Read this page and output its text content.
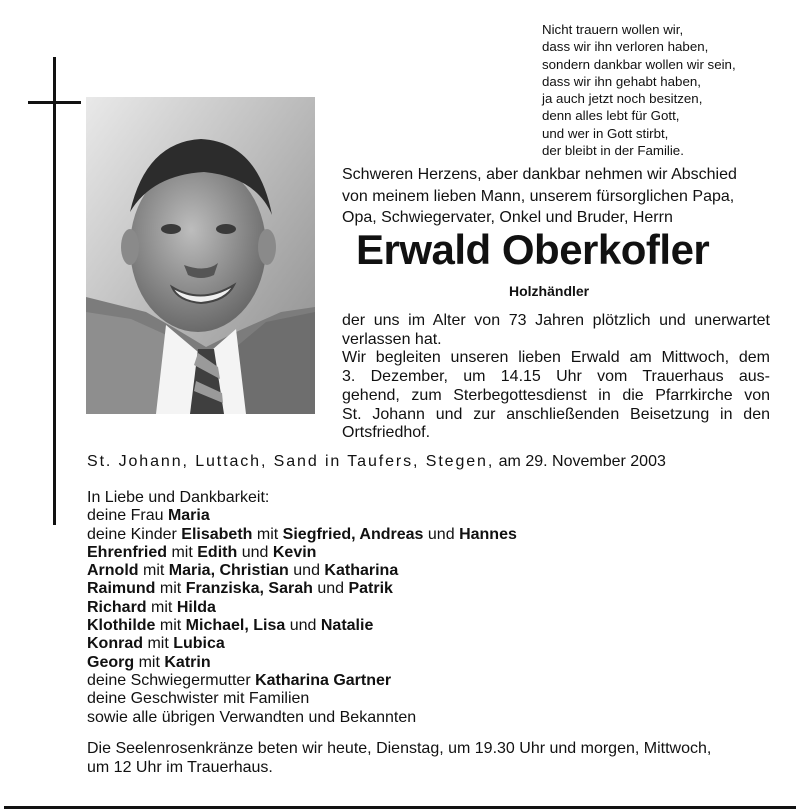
Nicht trauern wollen wir,
dass wir ihn verloren haben,
sondern dankbar wollen wir sein,
dass wir ihn gehabt haben,
ja auch jetzt noch besitzen,
denn alles lebt für Gott,
und wer in Gott stirbt,
der bleibt in der Familie.
Schweren Herzens, aber dankbar nehmen wir Abschied
von meinem lieben Mann, unserem fürsorglichen Papa,
Opa, Schwiegervater, Onkel und Bruder, Herrn
Erwald Oberkofler
Holzhändler
der uns im Alter von 73 Jahren plötzlich und unerwartet
verlassen hat.
Wir begleiten unseren lieben Erwald am Mittwoch, dem
3. Dezember, um 14.15 Uhr vom Trauerhaus aus-
gehend, zum Sterbegottesdienst in die Pfarrkirche von
St. Johann und zur anschließenden Beisetzung in den
Ortsfriedhof.
St. Johann, Luttach, Sand in Taufers, Stegen, am 29. November 2003
In Liebe und Dankbarkeit:
deine Frau Maria
deine Kinder Elisabeth mit Siegfried, Andreas und Hannes
Ehrenfried mit Edith und Kevin
Arnold mit Maria, Christian und Katharina
Raimund mit Franziska, Sarah und Patrik
Richard mit Hilda
Klothilde mit Michael, Lisa und Natalie
Konrad mit Lubica
Georg mit Katrin
deine Schwiegermutter Katharina Gartner
deine Geschwister mit Familien
sowie alle übrigen Verwandten und Bekannten
Die Seelenrosenkränze beten wir heute, Dienstag, um 19.30 Uhr und morgen, Mittwoch,
um 12 Uhr im Trauerhaus.
